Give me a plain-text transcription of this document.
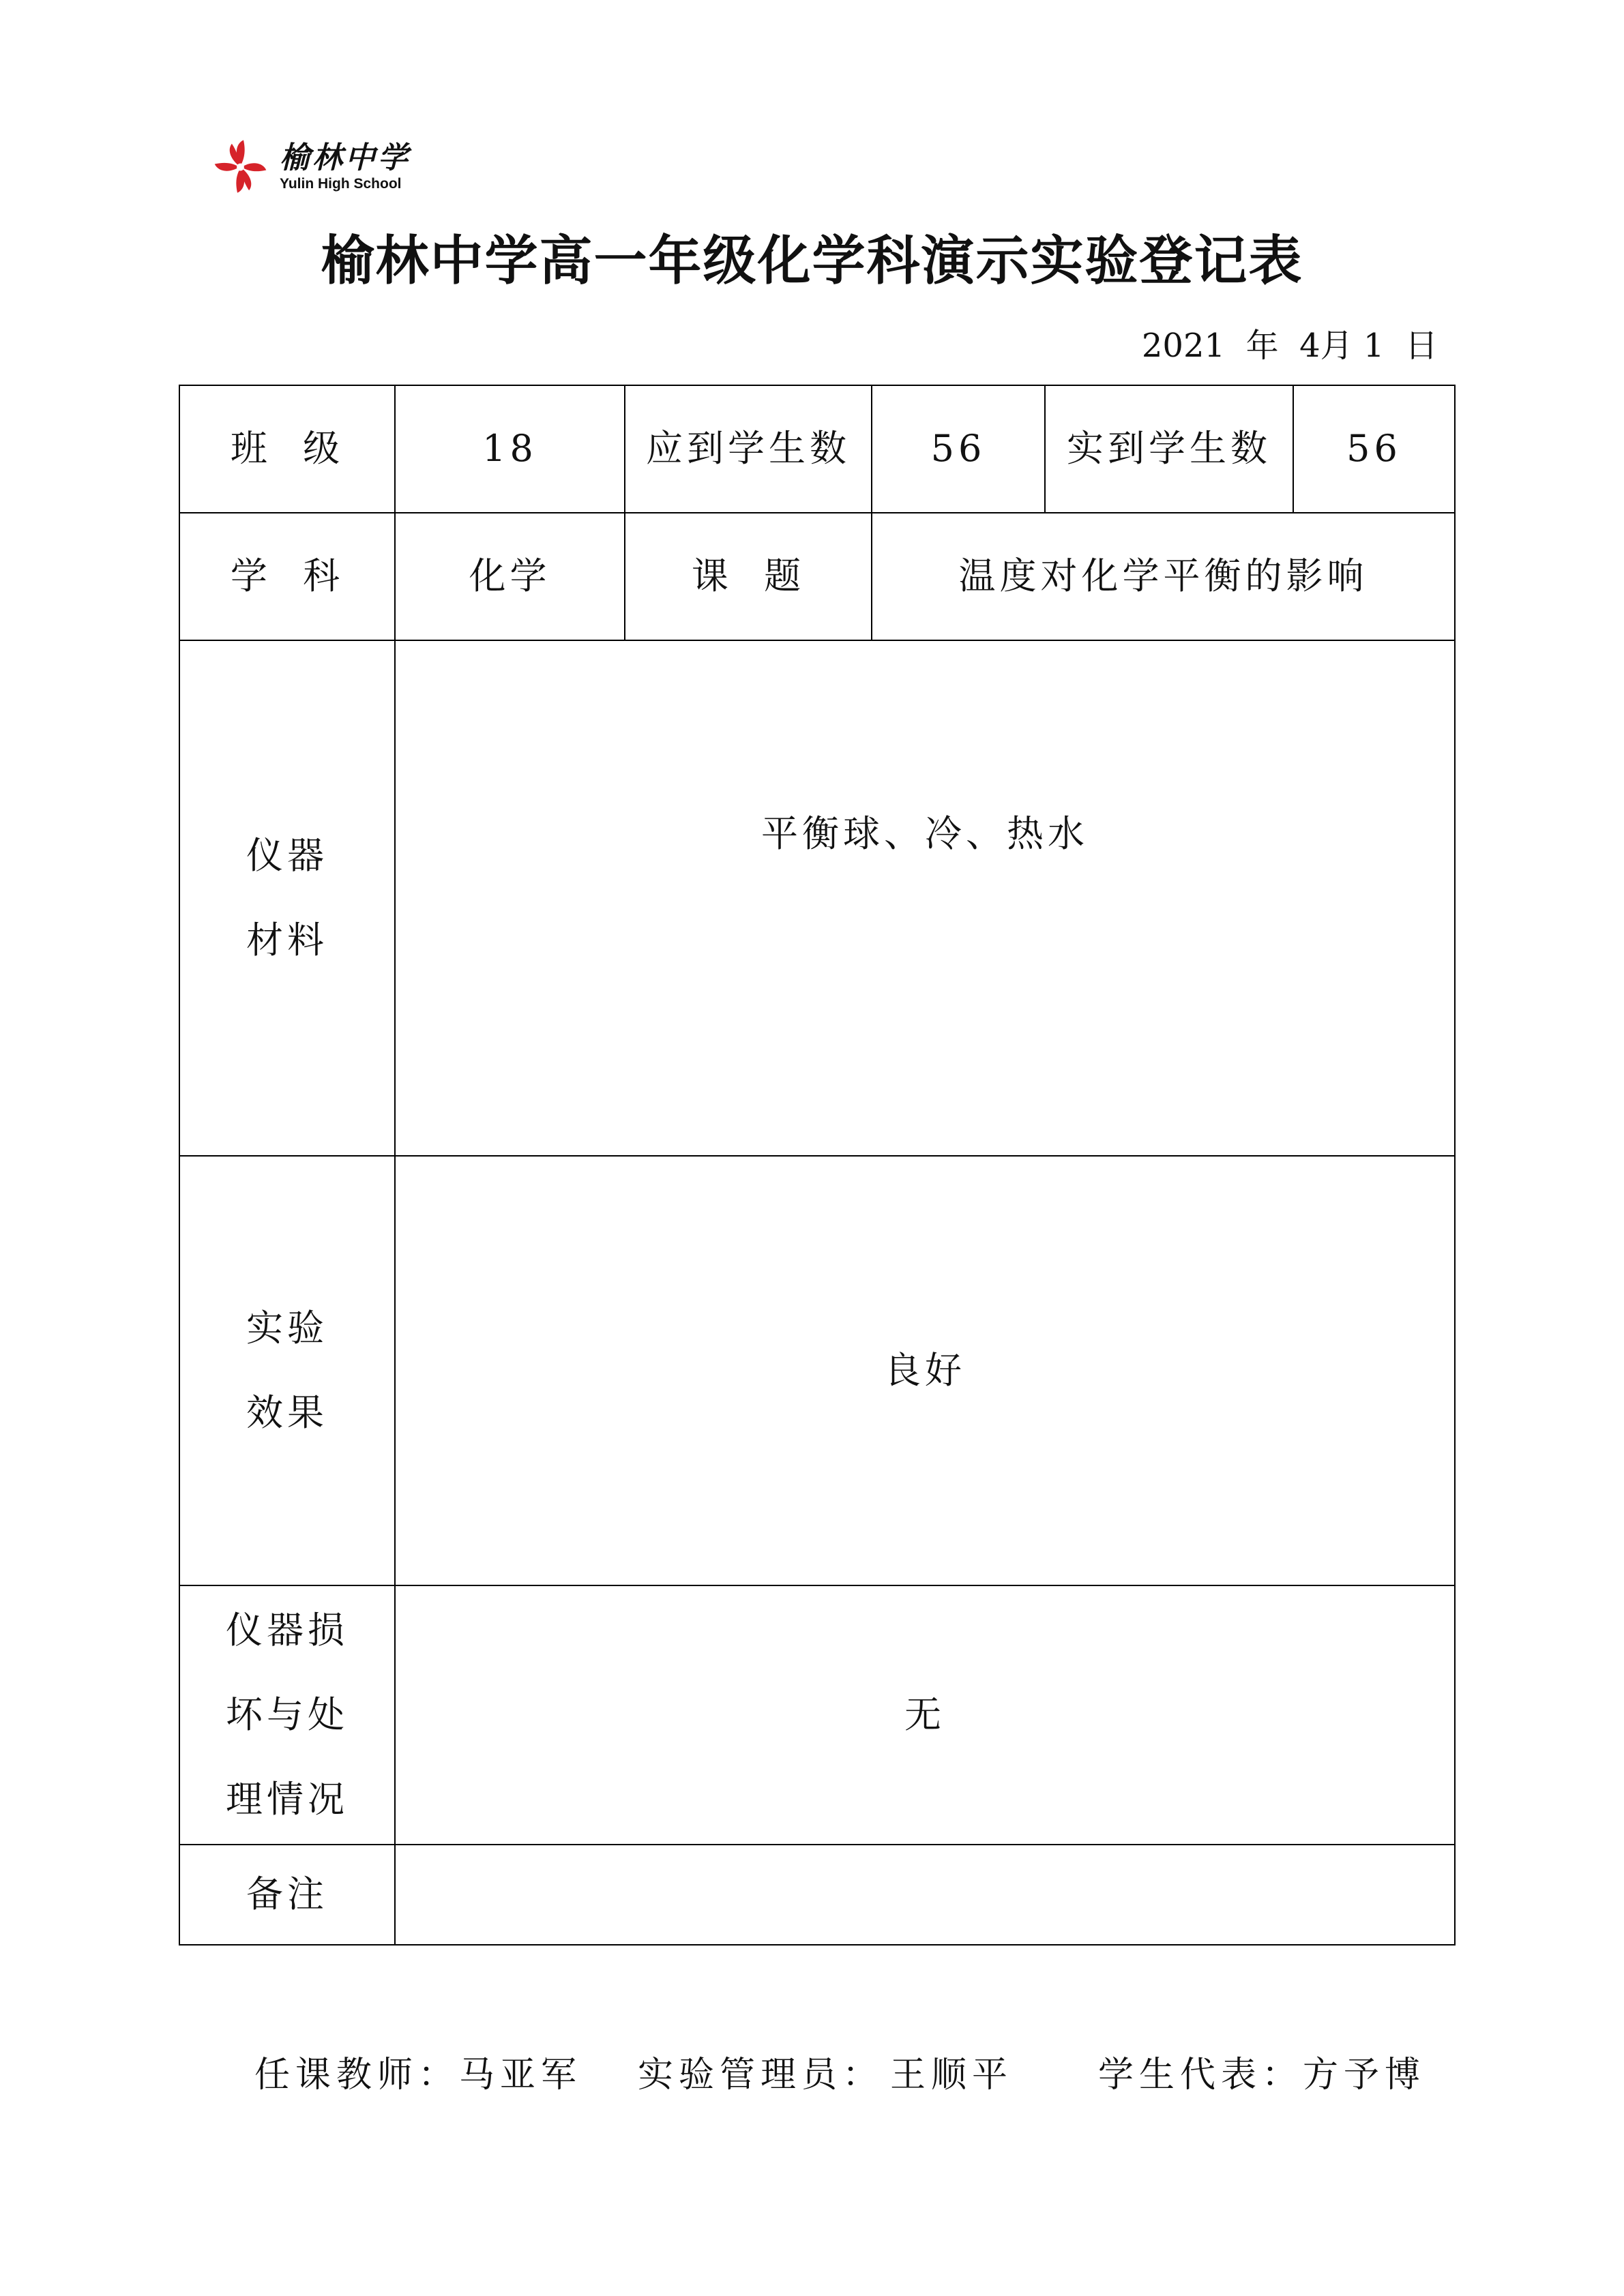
榆林中学
Yulin High School
榆林中学高一年级化学科演示实验登记表
2021 年 4月 1 日
班  级	18	应到学生数	56	实到学生数	56
学  科	化学	课  题	温度对化学平衡的影响		
仪器
材料	平衡球、冷、热水				
实验
效果	良好				
仪器损
坏与处
理情况	无				
备注					
任课教师：马亚军 实验管理员： 王顺平 学生代表：方予博
